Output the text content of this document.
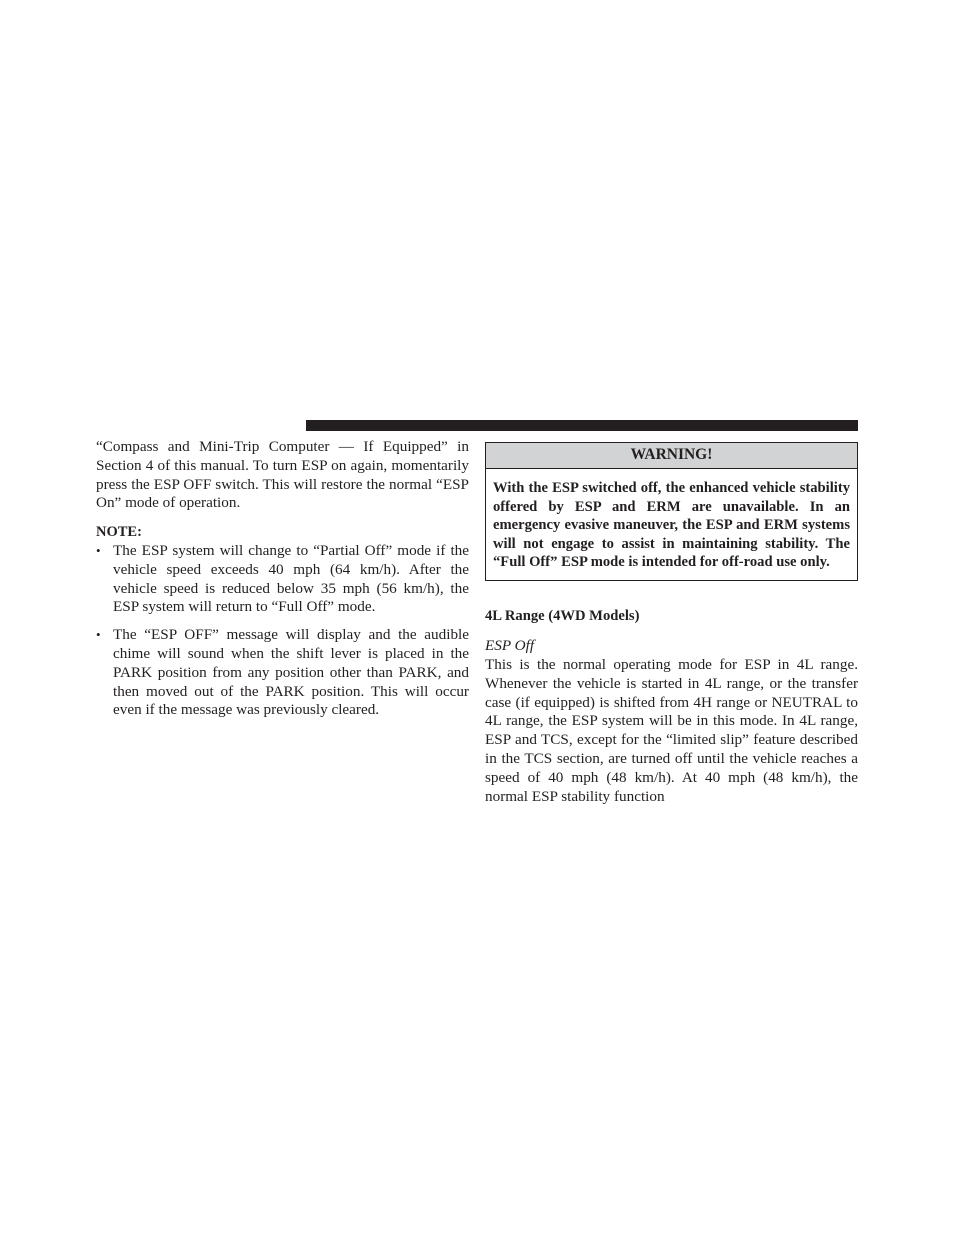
“Compass and Mini-Trip Computer — If Equipped” in Section 4 of this manual. To turn ESP on again, momentarily press the ESP OFF switch. This will restore the normal “ESP On” mode of operation.

NOTE:

• The ESP system will change to “Partial Off” mode if the vehicle speed exceeds 40 mph (64 km/h). After the vehicle speed is reduced below 35 mph (56 km/h), the ESP system will return to “Full Off” mode.
• The “ESP OFF” message will display and the audible chime will sound when the shift lever is placed in the PARK position from any position other than PARK, and then moved out of the PARK position. This will occur even if the message was previously cleared.
WARNING!
With the ESP switched off, the enhanced vehicle stability offered by ESP and ERM are unavailable. In an emergency evasive maneuver, the ESP and ERM systems will not engage to assist in maintaining stability. The “Full Off” ESP mode is intended for off-road use only.

4L Range (4WD Models)

ESP Off

This is the normal operating mode for ESP in 4L range. Whenever the vehicle is started in 4L range, or the transfer case (if equipped) is shifted from 4H range or NEUTRAL to 4L range, the ESP system will be in this mode. In 4L range, ESP and TCS, except for the “limited slip” feature described in the TCS section, are turned off until the vehicle reaches a speed of 40 mph (48 km/h). At 40 mph (48 km/h), the normal ESP stability function
